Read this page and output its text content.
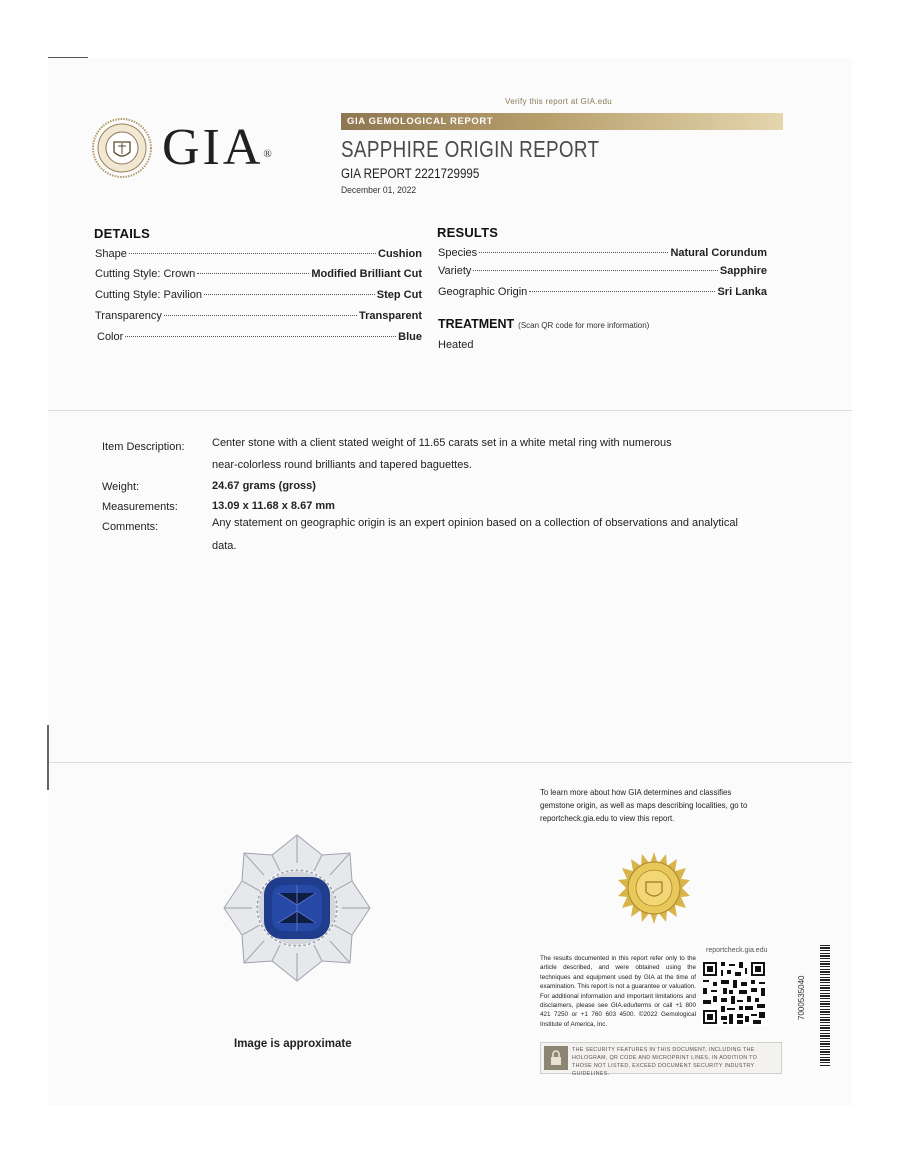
GIA®
Verify this report at GIA.edu
GIA GEMOLOGICAL REPORT
SAPPHIRE ORIGIN REPORT
GIA REPORT 2221729995
December 01, 2022
DETAILS
Shape	Cushion
Cutting Style: Crown	Modified Brilliant Cut
Cutting Style: Pavilion	Step Cut
Transparency	Transparent
Color	Blue
RESULTS
Species	Natural Corundum
Variety	Sapphire
Geographic Origin	Sri Lanka
TREATMENT (Scan QR code for more information)
Heated
Item Description: Center stone with a client stated weight of 11.65 carats set in a white metal ring with numerous
near-colorless round brilliants and tapered baguettes.
Weight:	24.67 grams (gross)
Measurements:	13.09 x 11.68 x 8.67 mm
Comments:	Any statement on geographic origin is an expert opinion based on a collection of observations and analytical
data.
Image is approximate
To learn more about how GIA determines and classifies gemstone origin, as well as maps describing localities, go to reportcheck.gia.edu to view this report.
The results documented in this report refer only to the article described, and were obtained using the techniques and equipment used by GIA at the time of examination. This report is not a guarantee or valuation. For additional information and important limitations and disclaimers, please see GIA.edu/terms or call +1 800 421 7250 or +1 760 603 4500. ©2022 Gemological Institute of America, Inc.
reportcheck.gia.edu
THE SECURITY FEATURES IN THIS DOCUMENT, INCLUDING THE HOLOGRAM, QR CODE AND MICROPRINT LINES, IN ADDITION TO THOSE NOT LISTED, EXCEED DOCUMENT SECURITY INDUSTRY GUIDELINES.
7000535040
